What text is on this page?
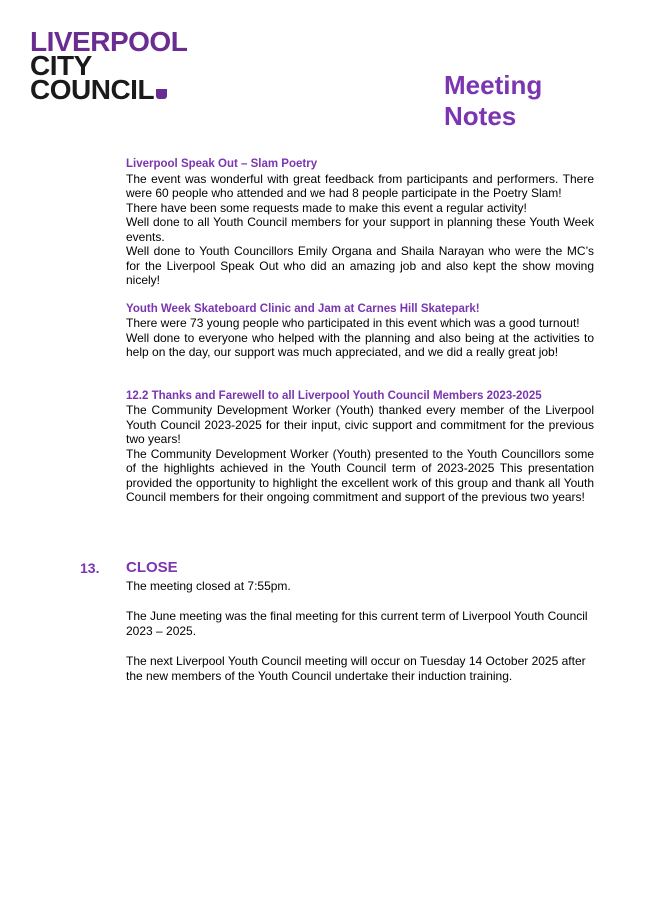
LIVERPOOL
CITY
COUNCIL	Meeting
Notes

Liverpool Speak Out – Slam Poetry

The event was wonderful with great feedback from participants and performers. There were 60 people who attended and we had 8 people participate in the Poetry Slam!

There have been some requests made to make this event a regular activity!

Well done to all Youth Council members for your support in planning these Youth Week events.

Well done to Youth Councillors Emily Organa and Shaila Narayan who were the MC’s for the Liverpool Speak Out who did an amazing job and also kept the show moving nicely!

Youth Week Skateboard Clinic and Jam at Carnes Hill Skatepark!

There were 73 young people who participated in this event which was a good turnout!

Well done to everyone who helped with the planning and also being at the activities to help on the day, our support was much appreciated, and we did a really great job!

12.2 Thanks and Farewell to all Liverpool Youth Council Members 2023-2025

The Community Development Worker (Youth) thanked every member of the Liverpool Youth Council 2023-2025 for their input, civic support and commitment for the previous two years!

The Community Development Worker (Youth) presented to the Youth Councillors some of the highlights achieved in the Youth Council term of 2023-2025 This presentation provided the opportunity to highlight the excellent work of this group and thank all Youth Council members for their ongoing commitment and support of the previous two years!

13. CLOSE

The meeting closed at 7:55pm.

The June meeting was the final meeting for this current term of Liverpool Youth Council 2023 – 2025.

The next Liverpool Youth Council meeting will occur on Tuesday 14 October 2025 after the new members of the Youth Council undertake their induction training.
